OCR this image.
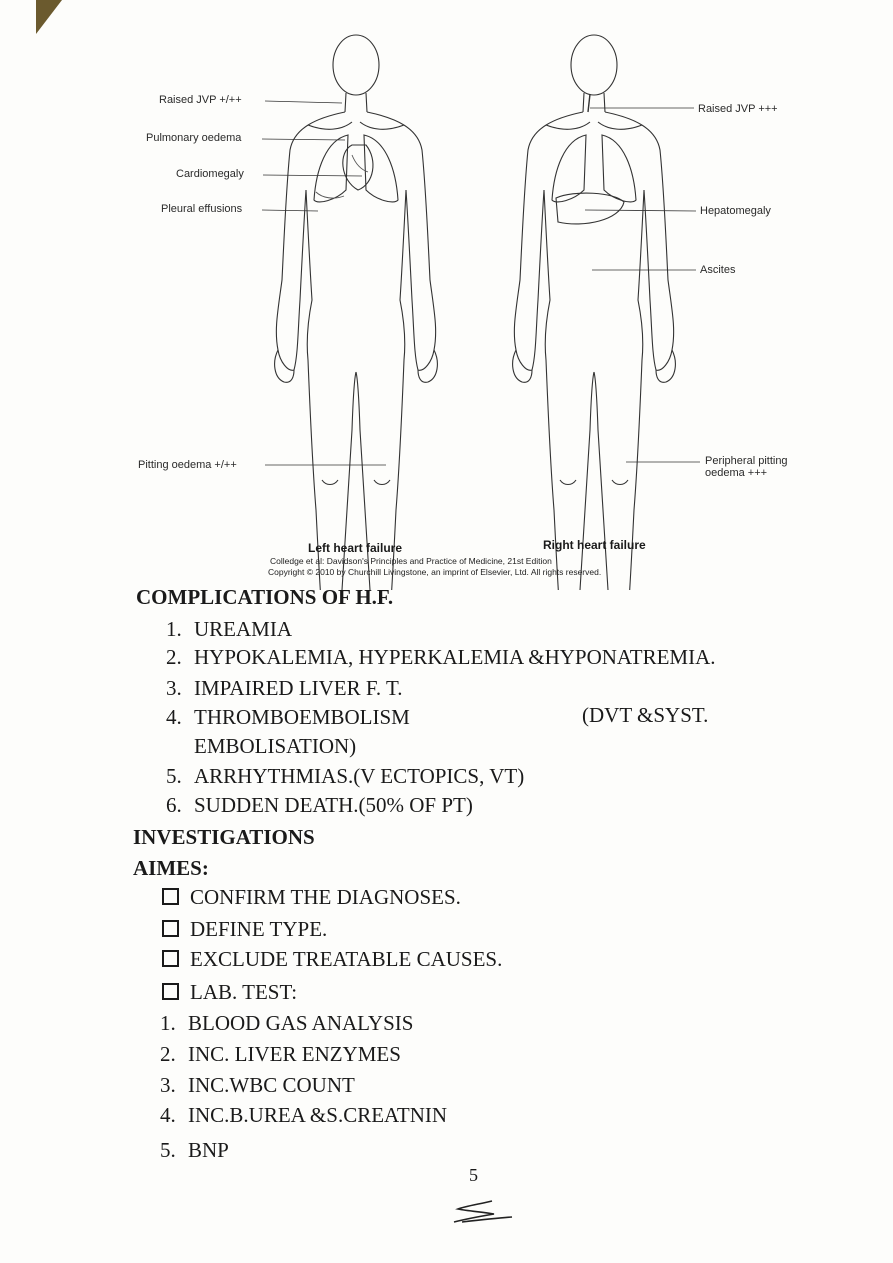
Raised JVP +/++
Pulmonary oedema
Cardiomegaly
Pleural effusions
Pitting oedema +/++
Raised JVP +++
Hepatomegaly
Ascites
Peripheral pitting
oedema +++
Left heart failure	Right heart failure
Colledge et al: Davidson's Principles and Practice of Medicine, 21st Edition
Copyright © 2010 by Churchill Livingstone, an imprint of Elsevier, Ltd. All rights reserved.
COMPLICATIONS OF H.F.
1. UREAMIA
2. HYPOKALEMIA, HYPERKALEMIA &HYPONATREMIA.
3. IMPAIRED LIVER F. T.
4. THROMBOEMBOLISM	(DVT &SYST.
EMBOLISATION)
5. ARRHYTHMIAS.(V ECTOPICS, VT)
6. SUDDEN DEATH.(50% OF PT)
INVESTIGATIONS
AIMES:
CONFIRM THE DIAGNOSES.
DEFINE TYPE.
EXCLUDE TREATABLE CAUSES.
LAB. TEST:
1. BLOOD GAS ANALYSIS
2. INC. LIVER ENZYMES
3. INC.WBC COUNT
4. INC.B.UREA &S.CREATNIN
5. BNP
5
